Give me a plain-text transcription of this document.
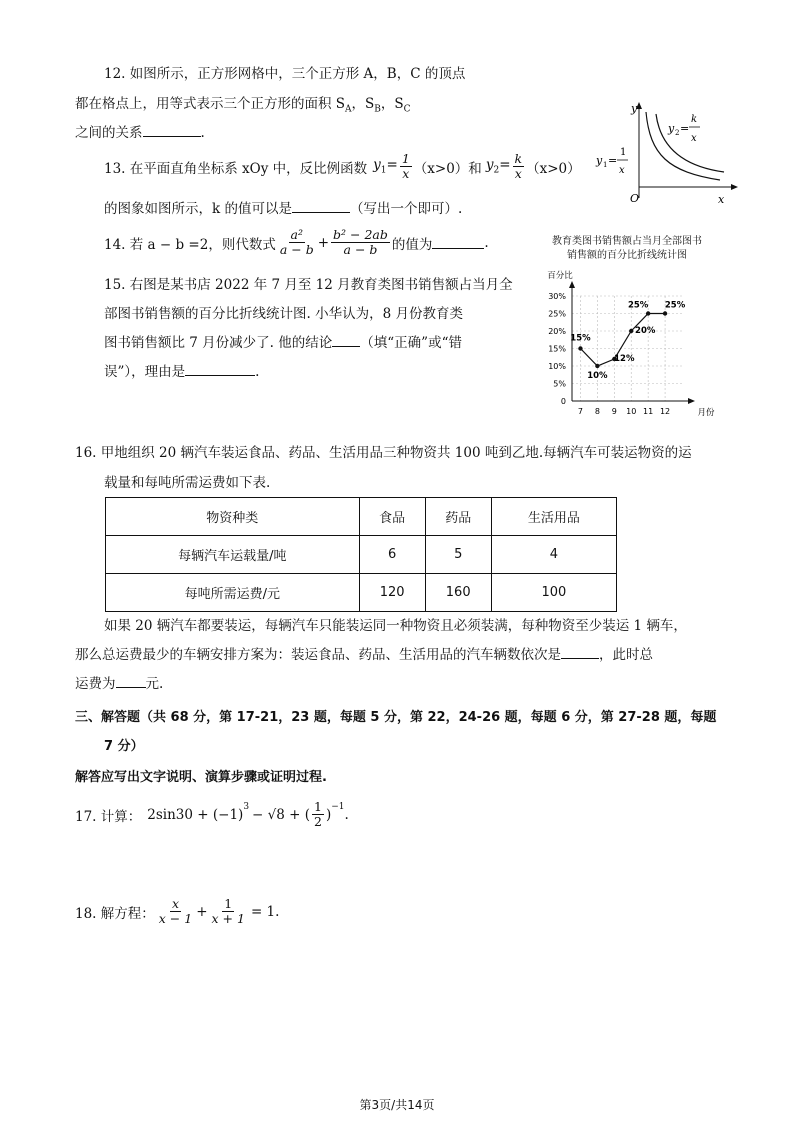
12. 如图所示，正方形网格中，三个正方形 A，B，C 的顶点
都在格点上，用等式表示三个正方形的面积 $S_A$，$S_B$，$S_C$
之间的关系	.
13. 在平面直角坐标系 xOy 中，反比例函数 $y_1= \frac{1}{x} (x>0)$和 $y_2= \frac{k}{x} (x>0)$
的图象如图所示，k 的值可以是	（写出一个即可）.
y
x
O
y 1 =
1
x
y 2 =
k
x
14. 若 a − b =2，则代数式 $\frac{\text{a²}}{a - b} + \frac{\text{b² − 2ab}}{a - b}$ 的值为	.
15. 右图是某书店 2022 年 7 月至 12 月教育类图书销售额占当月全
部图书销售额的百分比折线统计图. 小华认为，8 月份教育类
图书销售额比 7 月份减少了. 他的结论 （填“正确”或“错
误”），理由是	.
教育类图书销售额占当月全部图书
销售额的百分比折线统计图
0
5%
10%
15%
20%
25%
30%
7 8 9 10 11 12
百分比
月份
15%
10%
12%
20%
25% 25%
16. 甲地组织 20 辆汽车装运食品、药品、生活用品三种物资共 100 吨到乙地.每辆汽车可装运物资的运
载量和每吨所需运费如下表.
物资种类	食品	药品	生活用品
每辆汽车运载量/吨	6	5	4
每吨所需运费/元	120	160	100
如果 20 辆汽车都要装运，每辆汽车只能装运同一种物资且必须装满，每种物资至少装运 1 辆车，
那么总运费最少的车辆安排方案为：装运食品、药品、生活用品的汽车辆数依次是	，此时总
运费为 元.
三、解答题（共 68 分，第 17-21，23 题，每题 5 分，第 22，24-26 题，每题 6 分，第 27-28 题，每题
7 分）
解答应写出文字说明、演算步骤或证明过程.
17. 计算： $2\sin 30 + (-1)^3 - √8$ + ( $\frac{1}{2} )^{-1}$ .
18. 解方程： $\frac{x}{x - 1} + \frac{1}{x + 1} = 1$.
第3页/共14页
